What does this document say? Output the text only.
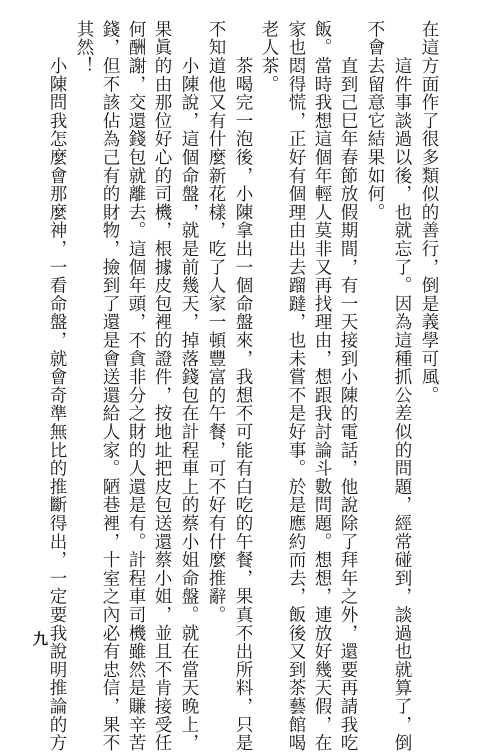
在這方面作了很多類似的善行，倒是義學可風。
　　這件事談過以後，也就忘了。因為這種抓公差似的問題，經常碰到，談過也就算了，倒
不會去留意它結果如何。
　　直到己巳年春節放假期間，有一天接到小陳的電話，他說除了拜年之外，還要再請我吃
飯。當時我想這個年輕人莫非又再找理由，想跟我討論斗數問題。想想，連放好幾天假，在
家也悶得慌，正好有個理由出去蹓躂，也未嘗不是好事。於是應約而去，飯後又到茶藝館喝
老人茶。
　　茶喝完一泡後，小陳拿出一個命盤來，我想不可能有白吃的午餐，果真不出所料，只是
不知道他又有什麼新花樣，吃了人家一頓豐富的午餐，可不好有什麼推辭。
　　小陳說，這個命盤，就是前幾天，掉落錢包在計程車上的蔡小姐命盤。就在當天晚上，
果眞的由那位好心的司機，根據皮包裡的證件，按地址把皮包送還蔡小姐，並且不肯接受任
何酬謝，交還錢包就離去。這個年頭，不貪非分之財的人還是有。計程車司機雖然是賺辛苦
錢，但不該佔為己有的財物，撿到了還是會送還給人家。陋巷裡，十室之內必有忠信，果不
其然！
　　小陳問我怎麼會那麼神，一看命盤，就會奇準無比的推斷得出，一定要我說明推論的方
九
